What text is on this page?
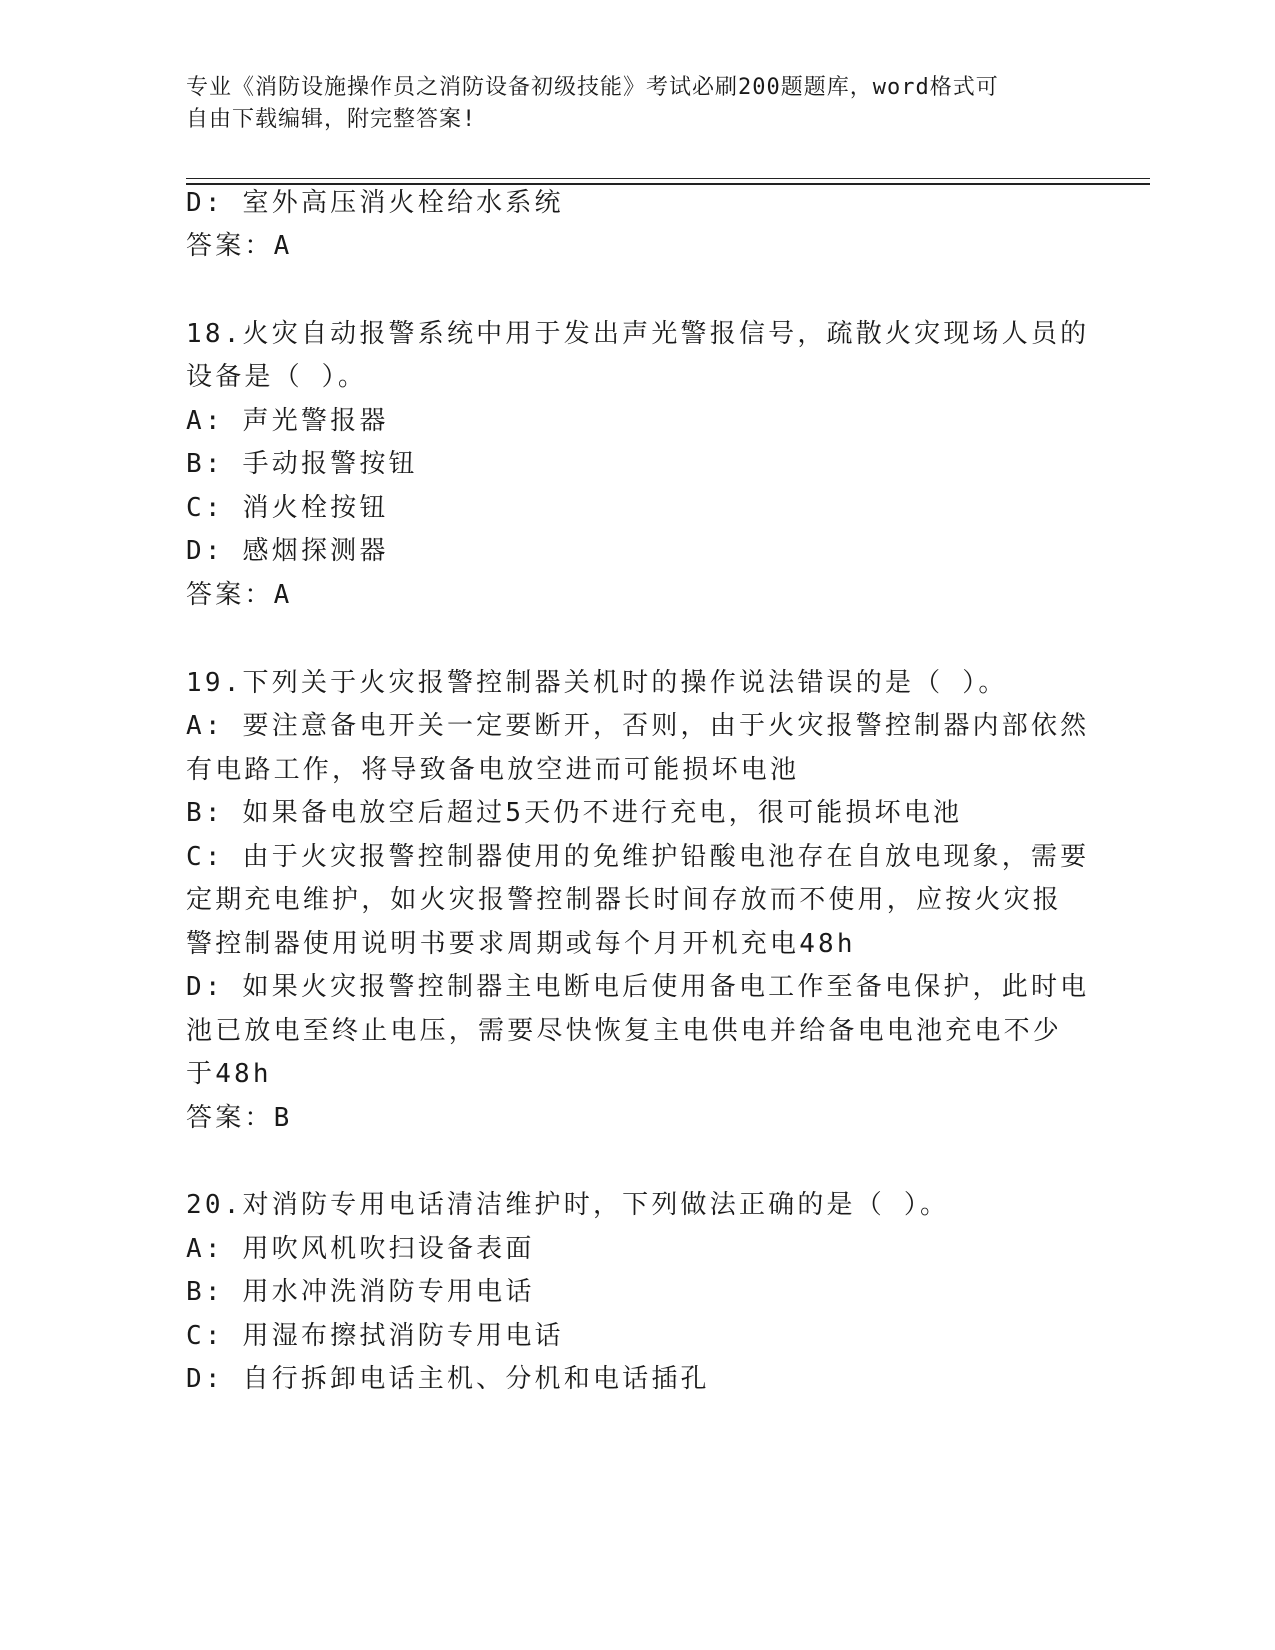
专业《消防设施操作员之消防设备初级技能》考试必刷200题题库，word格式可
自由下载编辑，附完整答案!
D: 室外高压消火栓给水系统
答案：A
18.火灾自动报警系统中用于发出声光警报信号，疏散火灾现场人员的
设备是（ ）。
A: 声光警报器
B: 手动报警按钮
C: 消火栓按钮
D: 感烟探测器
答案：A
19.下列关于火灾报警控制器关机时的操作说法错误的是（ ）。
A: 要注意备电开关一定要断开，否则，由于火灾报警控制器内部依然
有电路工作，将导致备电放空进而可能损坏电池
B: 如果备电放空后超过5天仍不进行充电，很可能损坏电池
C: 由于火灾报警控制器使用的免维护铅酸电池存在自放电现象，需要
定期充电维护，如火灾报警控制器长时间存放而不使用，应按火灾报
警控制器使用说明书要求周期或每个月开机充电48h
D: 如果火灾报警控制器主电断电后使用备电工作至备电保护，此时电
池已放电至终止电压，需要尽快恢复主电供电并给备电电池充电不少
于48h
答案：B
20.对消防专用电话清洁维护时，下列做法正确的是（ ）。
A: 用吹风机吹扫设备表面
B: 用水冲洗消防专用电话
C: 用湿布擦拭消防专用电话
D: 自行拆卸电话主机、分机和电话插孔
